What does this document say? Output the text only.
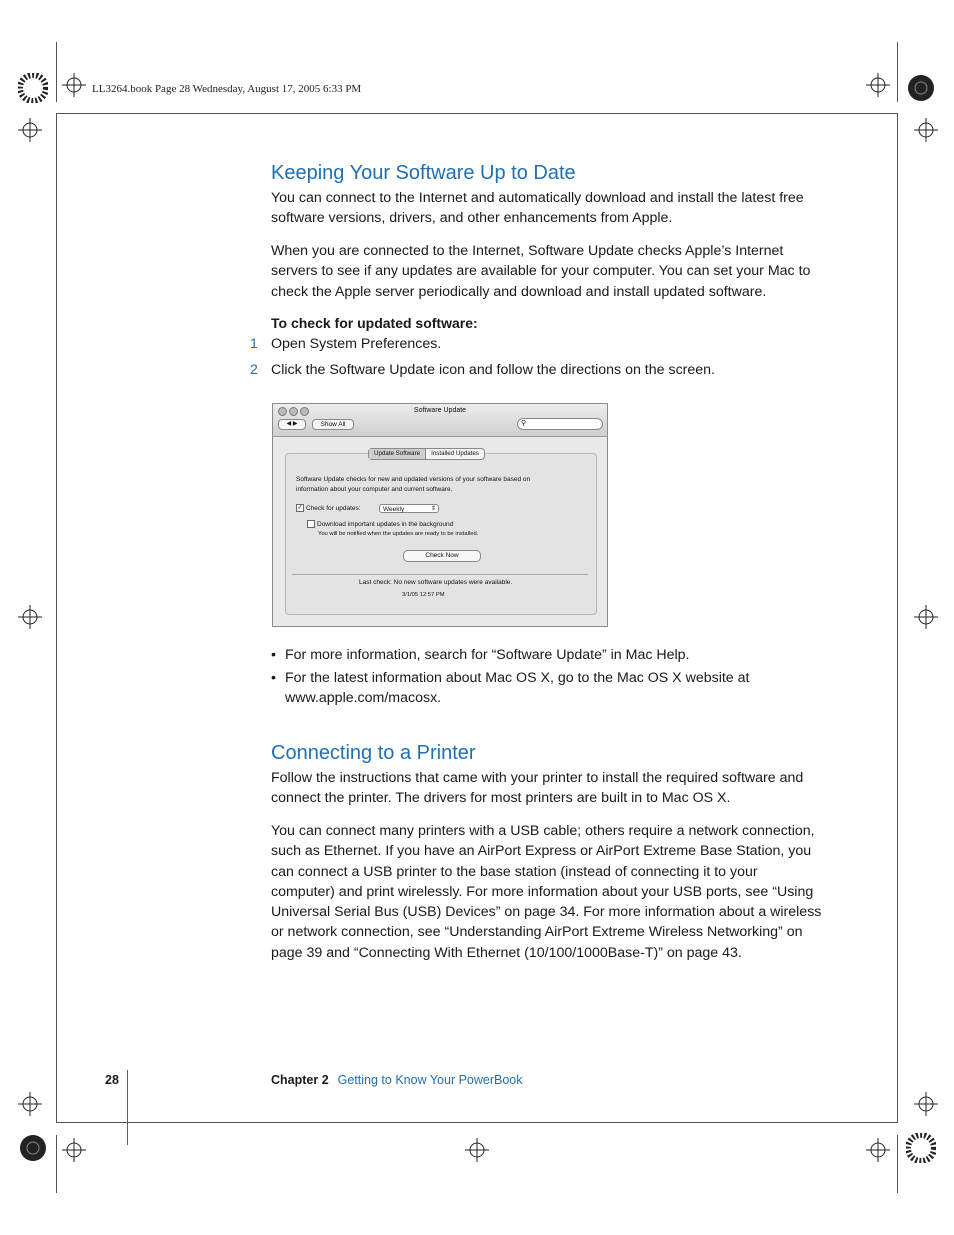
LL3264.book Page 28 Wednesday, August 17, 2005 6:33 PM
Keeping Your Software Up to Date
You can connect to the Internet and automatically download and install the latest free
software versions, drivers, and other enhancements from Apple.
When you are connected to the Internet, Software Update checks Apple’s Internet
servers to see if any updates are available for your computer. You can set your Mac to
check the Apple server periodically and download and install updated software.
To check for updated software:
1 Open System Preferences.
2 Click the Software Update icon and follow the directions on the screen.
Software Update
◀ ▶	Show All	⚲
Update Software	Installed Updates
Software Update checks for new and updated versions of your software based on
information about your computer and current software.
✓ Check for updates:	Weekly	⇕
Download important updates in the background
You will be notified when the updates are ready to be installed.
Check Now
Last check: No new software updates were available.
3/1/05 12:57 PM
• For more information, search for “Software Update” in Mac Help.
• For the latest information about Mac OS X, go to the Mac OS X website at
www.apple.com/macosx.
Connecting to a Printer
Follow the instructions that came with your printer to install the required software and
connect the printer. The drivers for most printers are built in to Mac OS X.
You can connect many printers with a USB cable; others require a network connection,
such as Ethernet. If you have an AirPort Express or AirPort Extreme Base Station, you
can connect a USB printer to the base station (instead of connecting it to your
computer) and print wirelessly. For more information about your USB ports, see “Using
Universal Serial Bus (USB) Devices” on page 34. For more information about a wireless
or network connection, see “Understanding AirPort Extreme Wireless Networking” on
page 39 and “Connecting With Ethernet (10/100/1000Base-T)” on page 43.
28	Chapter 2 Getting to Know Your PowerBook
